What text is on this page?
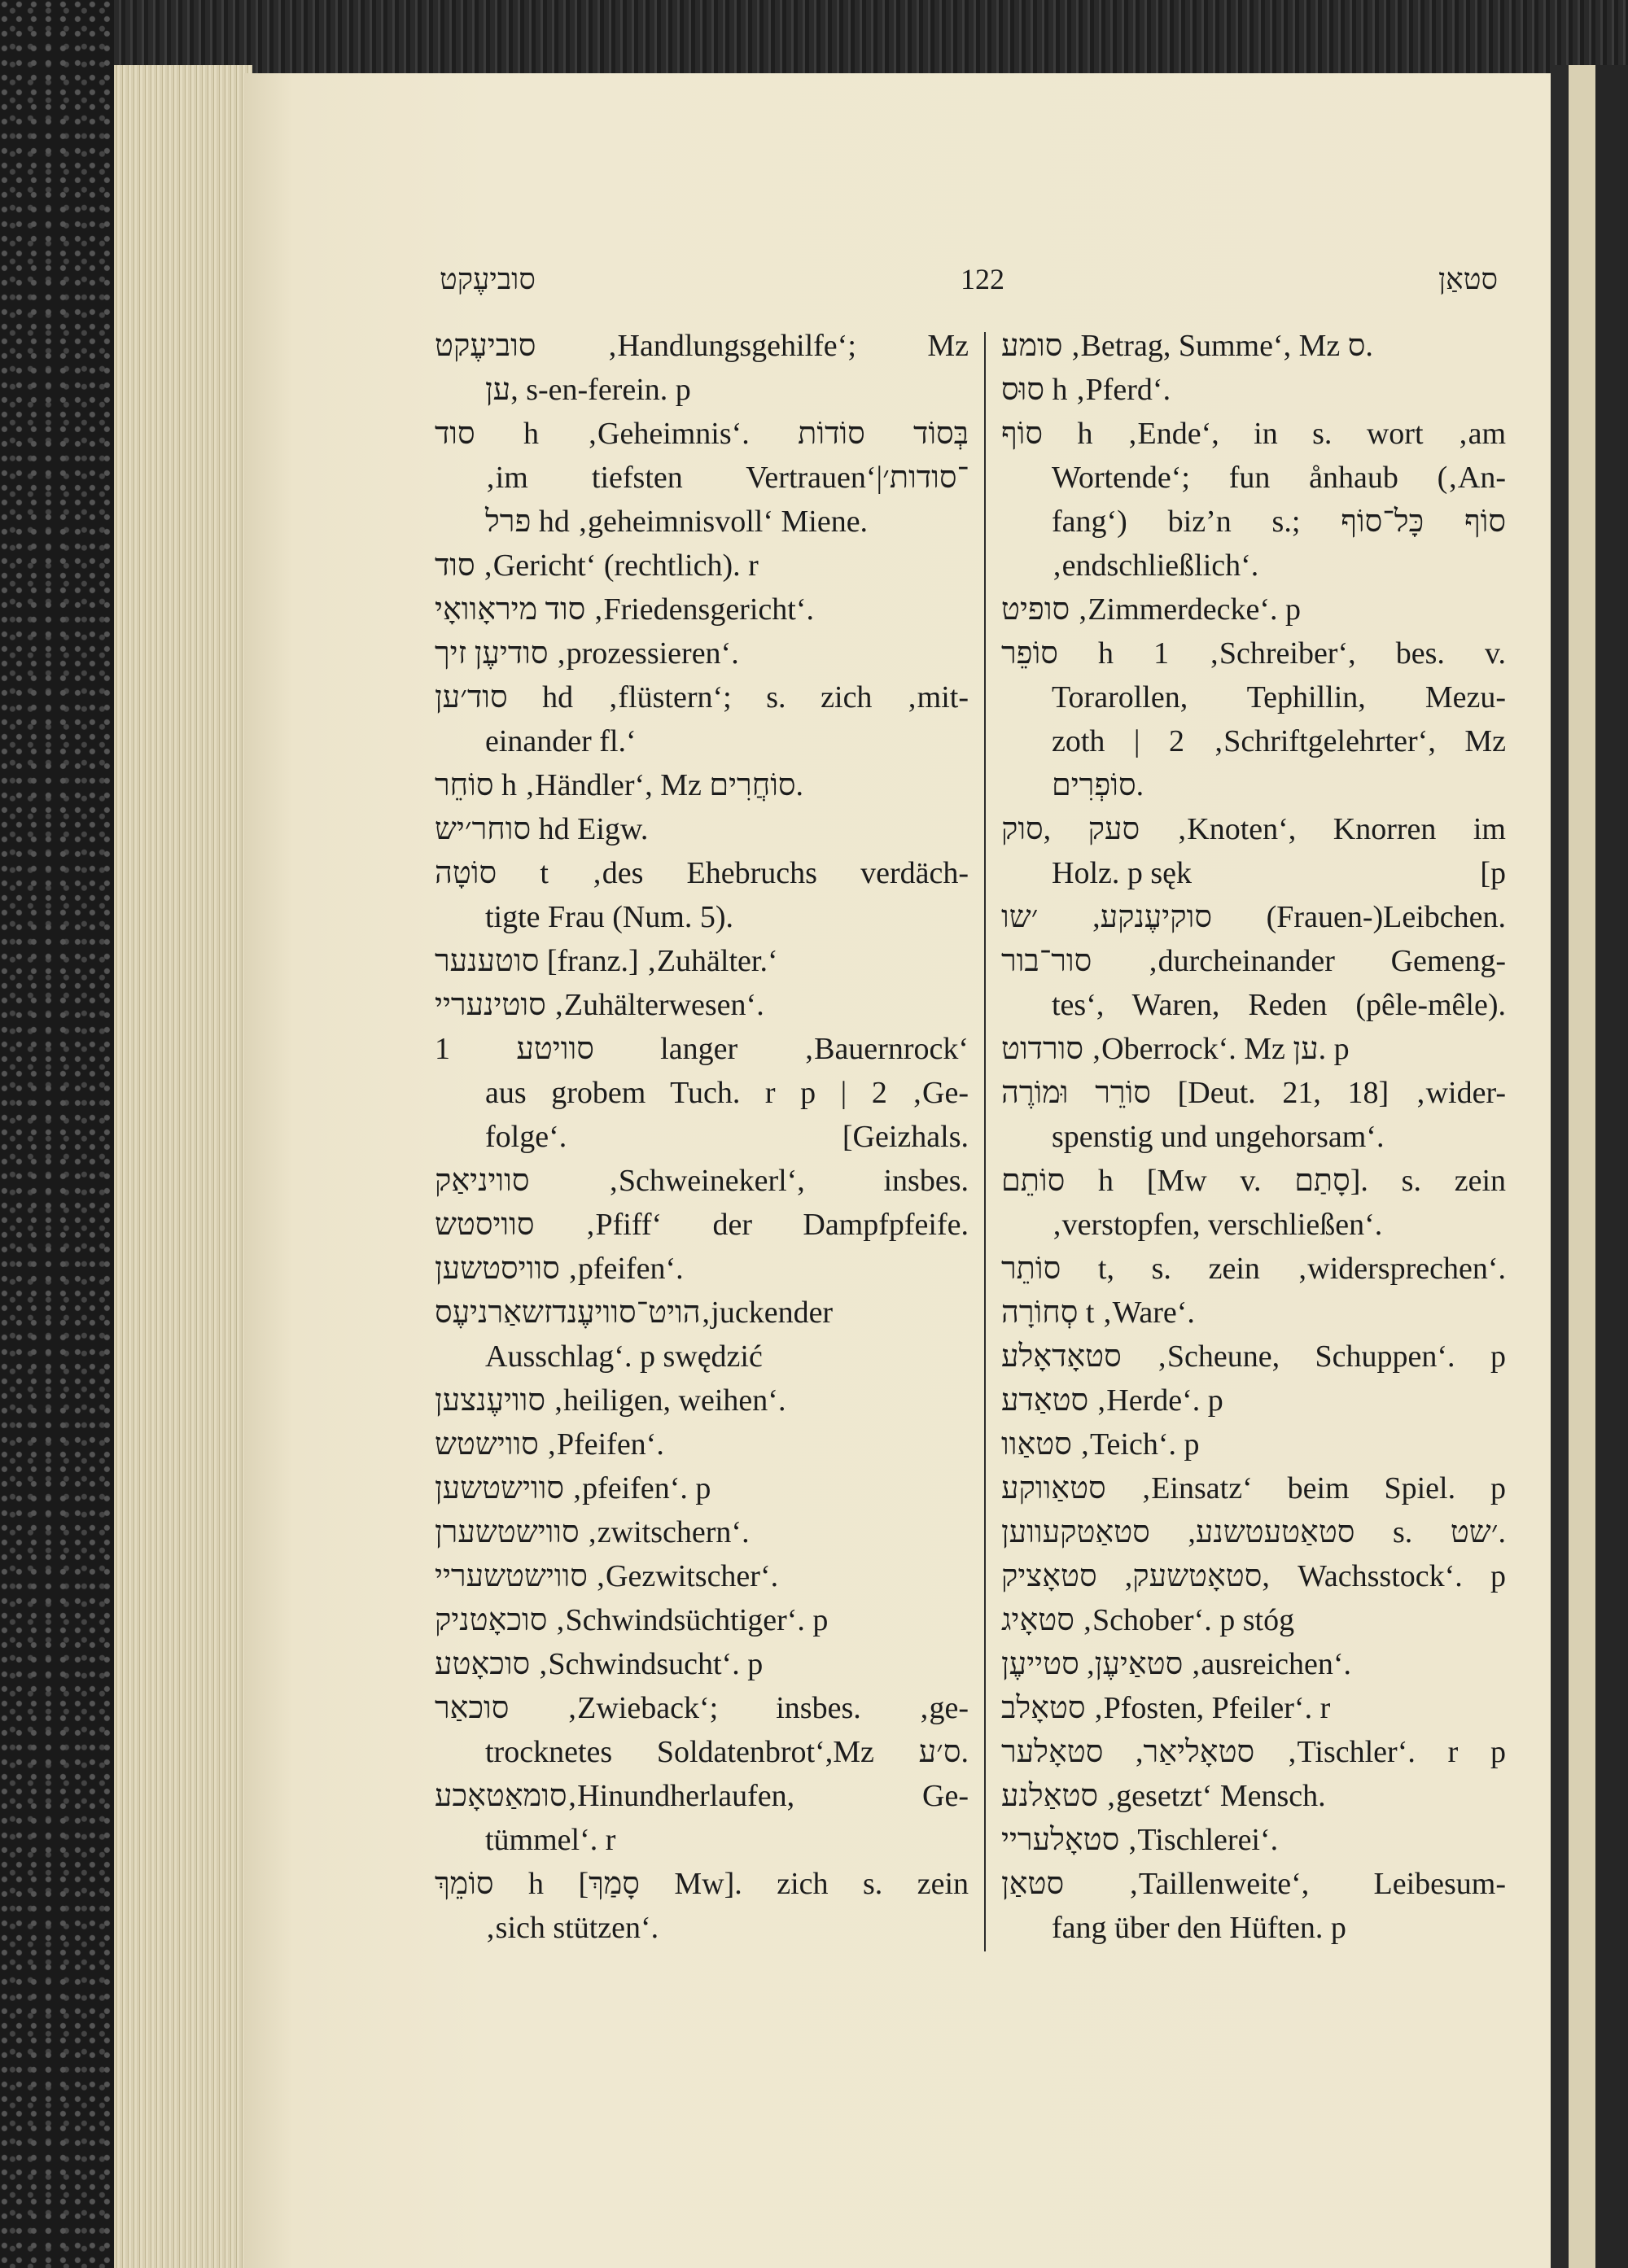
סוביעֶקט	122	סטאַן
סוביעֶקט ‚Handlungsgehilfe‘; Mz
ען, s-en-ferein. p
סוד h ‚Geheimnis‘. בְּסוֹד סוֹדוֹת
‚im tiefsten Vertrauen‘|־סודות׳
פרל hd ‚geheimnisvoll‘ Miene.
סוד ‚Gericht‘ (rechtlich). r
סוד מיראָוואָי ‚Friedensgericht‘.
סודיעֶן זיך ‚prozessieren‘.
סוד׳ען hd ‚flüstern‘; s. zich ‚mit-
einander fl.‘
סוֹחֵר h ‚Händler‘, Mz סוֹחֲרִים.
סוחר׳יש hd Eigw.
סוֹטָה t ‚des Ehebruchs verdäch-
tigte Frau (Num. 5).
סוטענער [franz.] ‚Zuhälter.‘
סוטינעריי ‚Zuhälterwesen‘.
סוויטע 1 langer ‚Bauernrock‘
aus grobem Tuch. r p | 2 ‚Ge-
[Geizhals.
folge‘.
סוויניאַק ‚Schweinekerl‘, insbes.
סוויסטש ‚Pfiff‘ der Dampfpfeife.
סוויסטשען ‚pfeifen‘.
הויט־סוויעֶנדזשאַרניעֶס‚juckender
Ausschlag‘. p swędzić
סוויעֶנצען ‚heiligen, weihen‘.
סווישטש ‚Pfeifen‘.
סווישטשען ‚pfeifen‘. p
סווישטשערן ‚zwitschern‘.
סווישטשעריי ‚Gezwitscher‘.
סוכאָטניק ‚Schwindsüchtiger‘. p
סוכאָטע ‚Schwindsucht‘. p
סוכאַר ‚Zwieback‘; insbes. ‚ge-
trocknetes Soldatenbrot‘,Mz ס׳ע.
סומאַטאָכע‚Hinundherlaufen, Ge-
tümmel‘. r
סוֹמֵךְ h [סָמַךְ Mw]. zich s. zein
‚sich stützen‘.
סומע ‚Betrag, Summe‘, Mz ס.
סוּס h ‚Pferd‘.
סוֹף h ‚Ende‘, in s. wort ‚am
Wortende‘; fun ånhaub (‚An-
fang‘) biz’n s.; סוֹף כָּל־סוֹף
‚endschließlich‘.
סופיט ‚Zimmerdecke‘. p
סוֹפֵר h 1 ‚Schreiber‘, bes. v.
Torarollen, Tephillin, Mezu-
zoth | 2 ‚Schriftgelehrter‘, Mz
סוֹפְרִים.
סעק ,סוק ‚Knoten‘, Knorren im
[p
Holz. p sęk
סוקיעֶנקע, ׳שו (Frauen-)Leibchen.
סור־בור ‚durcheinander Gemeng-
tes‘, Waren, Reden (pêle-mêle).
סורדוט ‚Oberrock‘. Mz ען. p
סוֹרֵר וּמוֹרֶה [Deut. 21, 18] ‚wider-
spenstig und ungehorsam‘.
סוֹתֵם h [Mw v. סָתַם]. s. zein
‚verstopfen, verschließen‘.
סוֹתֵר t, s. zein ‚widersprechen‘.
סְחוֹרָה t ‚Ware‘.
סטאָדאָלע ‚Scheune, Schuppen‘. p
סטאַדע ‚Herde‘. p
סטאַוו ‚Teich‘. p
סטאַווקע ‚Einsatz‘ beim Spiel. p
סטאַטעטשנע, סטאַטקעווען s. ׳שט.
סטאָטשעק, סטאָציק, Wachsstock‘. p
סטאָיג ‚Schober‘. p stóg
סטאַיעֶן, סטייעֶן ‚ausreichen‘.
סטאָלב ‚Pfosten, Pfeiler‘. r
סטאָליאַר, סטאָלער ‚Tischler‘. r p
סטאַלנע ‚gesetzt‘ Mensch.
סטאָלעריי ‚Tischlerei‘.
סטאַן ‚Taillenweite‘, Leibesum-
fang über den Hüften. p
